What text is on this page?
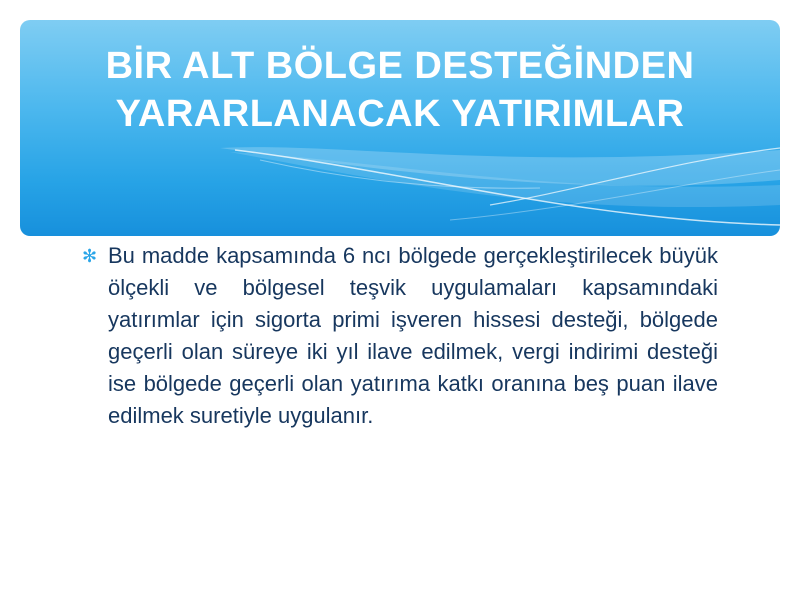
BİR ALT BÖLGE DESTEĞİNDEN
YARARLANACAK YATIRIMLAR
✻ Bu madde kapsamında 6 ncı bölgede gerçekleştirilecek büyük ölçekli ve bölgesel teşvik uygulamaları kapsamındaki yatırımlar için sigorta primi işveren hissesi desteği, bölgede geçerli olan süreye iki yıl ilave edilmek, vergi indirimi desteği ise bölgede geçerli olan yatırıma katkı oranına beş puan ilave edilmek suretiyle uygulanır.
